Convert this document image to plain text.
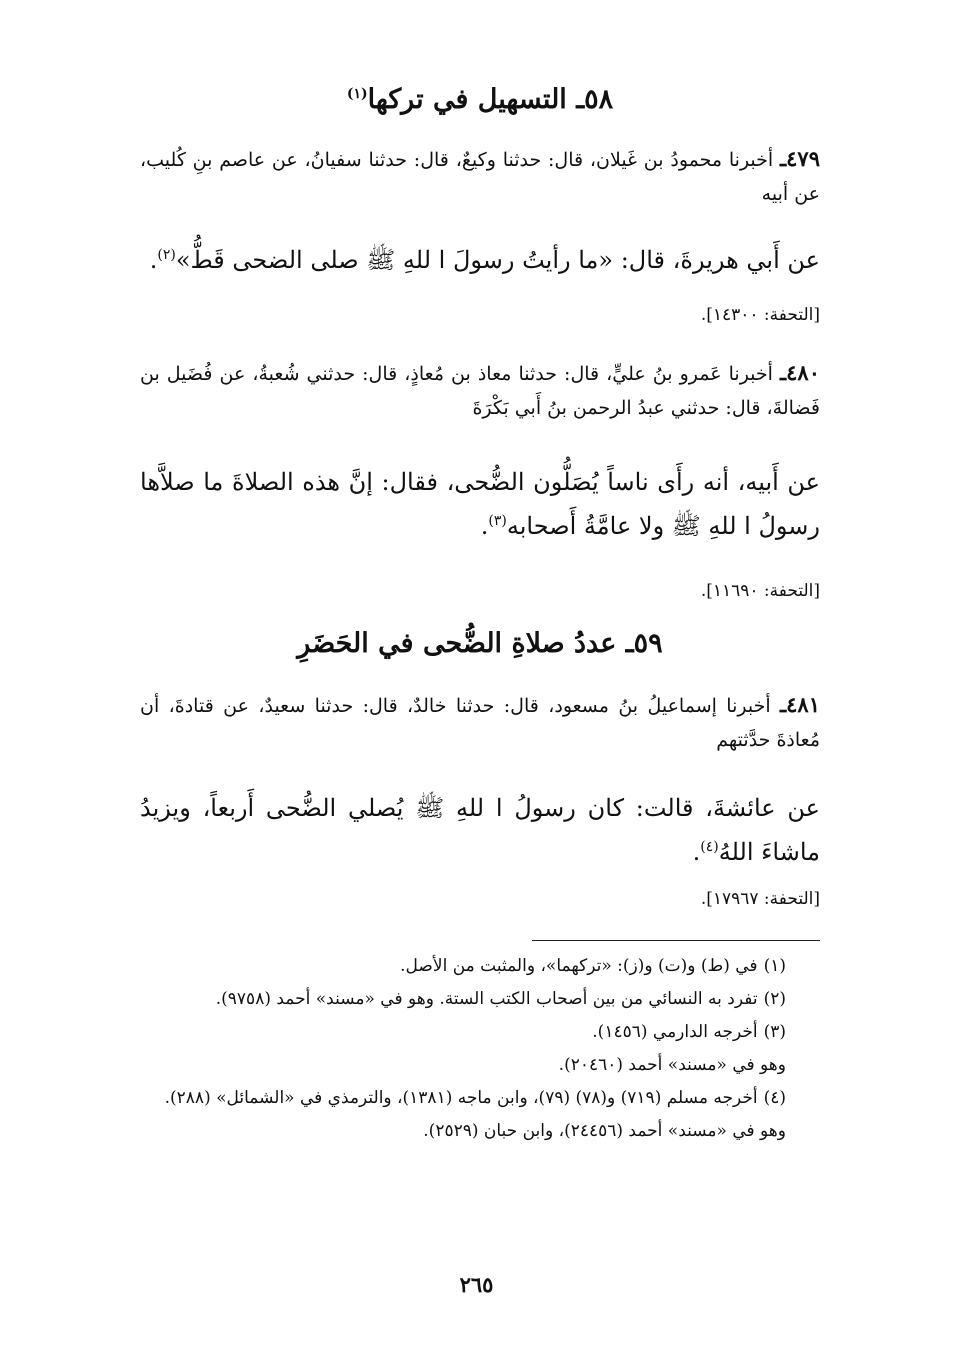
٥٨ـ التسهيل في تركها$^{(١)}$
٤٧٩ـ أخبرنا محمودُ بن غَيلان، قال: حدثنا وكيعٌ، قال: حدثنا سفيانُ، عن عاصم بنِ كُليب، عن أبيه
عن أَبي هريرةَ، قال: «ما رأيتُ رسولَ ا للهِ ﷺ صلى الضحى قَطُّ»$^{(٢)}$.
[التحفة: ١٤٣٠٠].
٤٨٠ـ أخبرنا عَمرو بنُ عليٍّ، قال: حدثنا معاذ بن مُعاذٍ، قال: حدثني شُعبةُ، عن فُضَيل بن فَضالةَ، قال: حدثني عبدُ الرحمن بنُ أَبي بَكْرَةَ
عن أَبيه، أنه رأَى ناساً يُصَلُّون الضُّحى، فقال: إنَّ هذه الصلاةَ ما صلاَّها رسولُ ا للهِ ﷺ ولا عامَّةُ أَصحابه$^{(٣)}$.
[التحفة: ١١٦٩٠].
٥٩ـ عددُ صلاةِ الضُّحى في الحَضَرِ
٤٨١ـ أخبرنا إسماعيلُ بنُ مسعود، قال: حدثنا خالدٌ، قال: حدثنا سعيدٌ، عن قتادةَ، أن مُعاذةَ حدَّثتهم
عن عائشةَ، قالت: كان رسولُ ا للهِ ﷺ يُصلي الضُّحى أَربعاً، ويزيدُ ماشاءَ اللهُ$^{(٤)}$.
[التحفة: ١٧٩٦٧].
(١)في (ط) و(ت) و(ز): «تركهما»، والمثبت من الأصل.
(٢)تفرد به النسائي من بين أصحاب الكتب الستة. وهو في «مسند» أحمد (٩٧٥٨).
(٣)أخرجه الدارمي (١٤٥٦).
وهو في «مسند» أحمد (٢٠٤٦٠).
(٤)أخرجه مسلم (٧١٩) و(٧٨) (٧٩)، وابن ماجه (١٣٨١)، والترمذي في «الشمائل» (٢٨٨).
وهو في «مسند» أحمد (٢٤٤٥٦)، وابن حبان (٢٥٢٩).
٢٦٥
